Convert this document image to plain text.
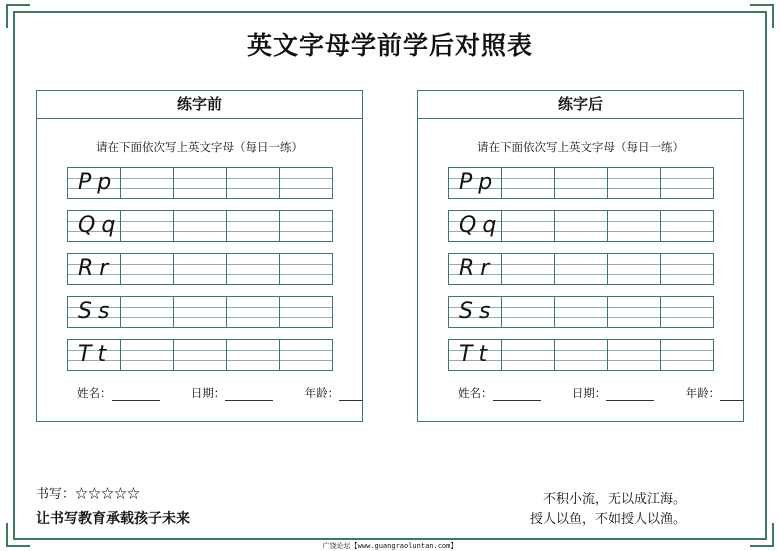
英文字母学前学后对照表
练字前
请在下面依次写上英文字母（每日一练）
Pp
Qq
Rr
Ss
Tt
姓名：	日期：	年龄：
练字后
请在下面依次写上英文字母（每日一练）
Pp
Qq
Rr
Ss
Tt
姓名：	日期：	年龄：
书写：☆☆☆☆☆
让书写教育承载孩子未来
不积小流，无以成江海。
授人以鱼，不如授人以渔。
广饶论坛【www.guangraoluntan.com】
